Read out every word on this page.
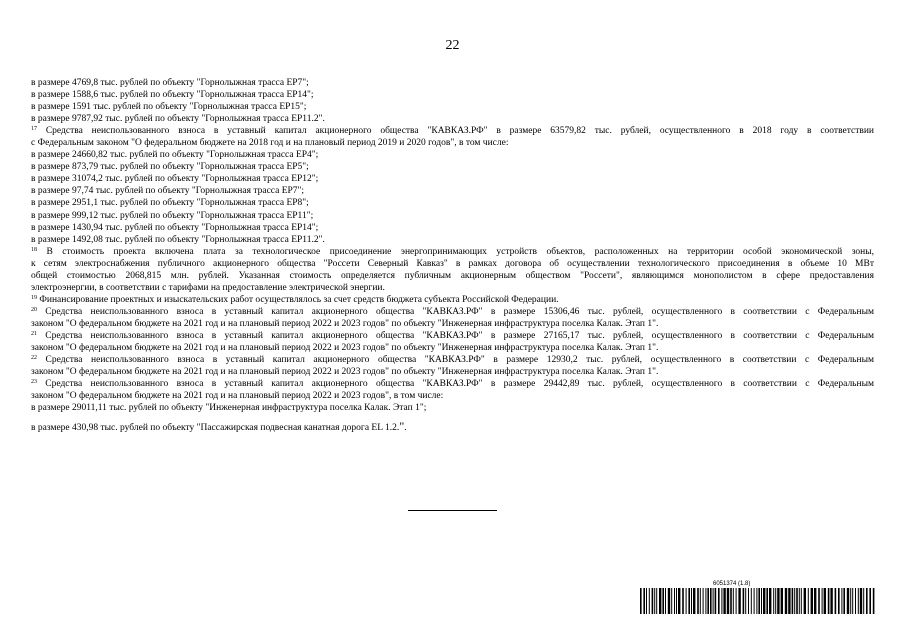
22
в размере 4769,8 тыс. рублей по объекту "Горнолыжная трасса ЕР7";
в размере 1588,6 тыс. рублей по объекту "Горнолыжная трасса ЕР14";
в размере 1591 тыс. рублей по объекту "Горнолыжная трасса ЕР15";
в размере 9787,92 тыс. рублей по объекту "Горнолыжная трасса ЕР11.2".
$^{17}$ Средства неиспользованного взноса в уставный капитал акционерного общества "КАВКАЗ.РФ" в размере 63579,82 тыс. рублей, осуществленного в 2018 году в соответствии
с Федеральным законом "О федеральном бюджете на 2018 год и на плановый период 2019 и 2020 годов", в том числе:
в размере 24660,82 тыс. рублей по объекту "Горнолыжная трасса ЕР4";
в размере 873,79 тыс. рублей по объекту "Горнолыжная трасса ЕР5";
в размере 31074,2 тыс. рублей по объекту "Горнолыжная трасса ЕР12";
в размере 97,74 тыс. рублей по объекту "Горнолыжная трасса ЕР7";
в размере 2951,1 тыс. рублей по объекту "Горнолыжная трасса ЕР8";
в размере 999,12 тыс. рублей по объекту "Горнолыжная трасса ЕР11";
в размере 1430,94 тыс. рублей по объекту "Горнолыжная трасса ЕР14";
в размере 1492,08 тыс. рублей по объекту "Горнолыжная трасса ЕР11.2".
$^{18}$ В стоимость проекта включена плата за технологическое присоединение энергопринимающих устройств объектов, расположенных на территории особой экономической зоны,
к сетям электроснабжения публичного акционерного общества "Россети Северный Кавказ" в рамках договора об осуществлении технологического присоединения в объеме 10 МВт
общей стоимостью 2068,815 млн. рублей. Указанная стоимость определяется публичным акционерным обществом "Россети", являющимся монополистом в сфере предоставления
электроэнергии, в соответствии с тарифами на предоставление электрической энергии.
$^{19}$ Финансирование проектных и изыскательских работ осуществлялось за счет средств бюджета субъекта Российской Федерации.
$^{20}$ Средства неиспользованного взноса в уставный капитал акционерного общества "КАВКАЗ.РФ" в размере 15306,46 тыс. рублей, осуществленного в соответствии с Федеральным
законом "О федеральном бюджете на 2021 год и на плановый период 2022 и 2023 годов" по объекту "Инженерная инфраструктура поселка Калак. Этап 1".
$^{21}$ Средства неиспользованного взноса в уставный капитал акционерного общества "КАВКАЗ.РФ" в размере 27165,17 тыс. рублей, осуществленного в соответствии с Федеральным
законом "О федеральном бюджете на 2021 год и на плановый период 2022 и 2023 годов" по объекту "Инженерная инфраструктура поселка Калак. Этап 1".
$^{22}$ Средства неиспользованного взноса в уставный капитал акционерного общества "КАВКАЗ.РФ" в размере 12930,2 тыс. рублей, осуществленного в соответствии с Федеральным
законом "О федеральном бюджете на 2021 год и на плановый период 2022 и 2023 годов" по объекту "Инженерная инфраструктура поселка Калак. Этап 1".
$^{23}$ Средства неиспользованного взноса в уставный капитал акционерного общества "КАВКАЗ.РФ" в размере 29442,89 тыс. рублей, осуществленного в соответствии с Федеральным
законом "О федеральном бюджете на 2021 год и на плановый период 2022 и 2023 годов", в том числе:
в размере 29011,11 тыс. рублей по объекту "Инженерная инфраструктура поселка Калак. Этап 1";
в размере 430,98 тыс. рублей по объекту "Пассажирская подвесная канатная дорога EL 1.2.".
6051374 (1.8)
